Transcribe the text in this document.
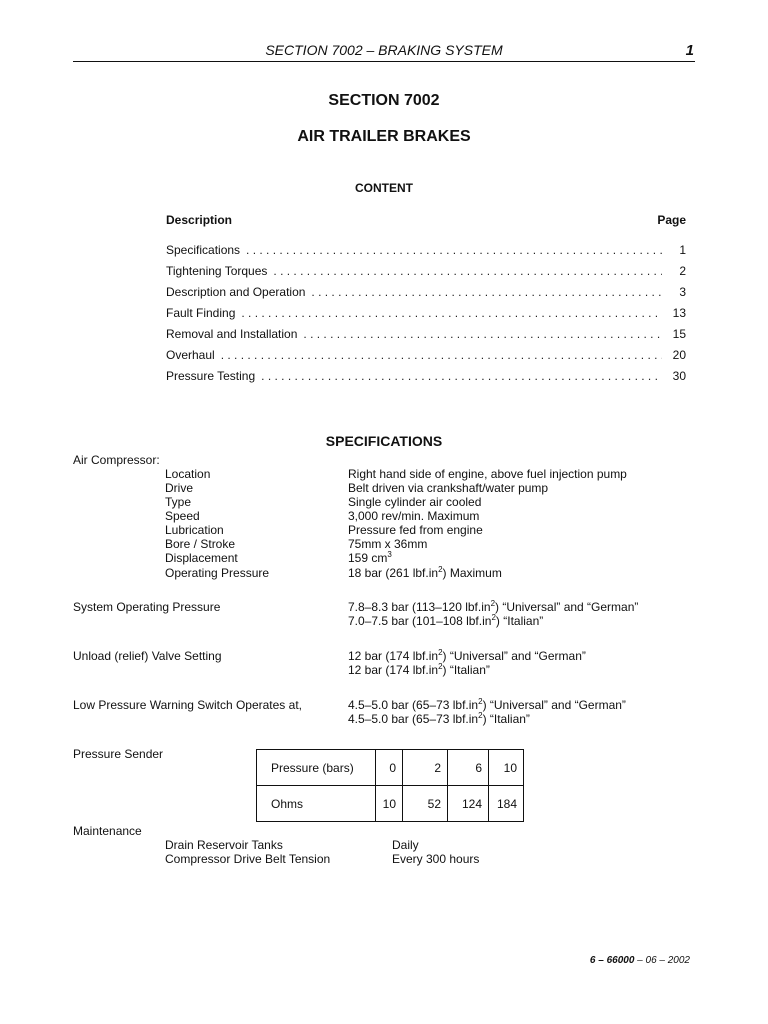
SECTION 7002 – BRAKING SYSTEM	1
SECTION 7002
AIR TRAILER BRAKES
CONTENT
Description	Page
Specifications . . .	1
Tightening Torques . . .	2
Description and Operation . . .	3
Fault Finding . . .	13
Removal and Installation . . .	15
Overhaul . . .	20
Pressure Testing . . .	30
SPECIFICATIONS
Air Compressor:
Location	Right hand side of engine, above fuel injection pump
Drive	Belt driven via crankshaft/water pump
Type	Single cylinder air cooled
Speed	3,000 rev/min. Maximum
Lubrication	Pressure fed from engine
Bore / Stroke	75mm x 36mm
Displacement	159 $cm^3$
Operating Pressure	18 bar (261 $lbf.in^2$) Maximum
System Operating Pressure	7.8–8.3 bar (113–120 $lbf.in^2$) “Universal” and “German”
7.0–7.5 bar (101–108 $lbf.in^2$) “Italian”
Unload (relief) Valve Setting	12 bar (174 $lbf.in^2$) “Universal” and “German”
12 bar (174 $lbf.in^2$) “Italian”
Low Pressure Warning Switch Operates at,	4.5–5.0 bar (65–73 $lbf.in^2$) “Universal” and “German”
4.5–5.0 bar (65–73 $lbf.in^2$) “Italian”
Pressure Sender
Pressure (bars)	0	2	6	10
Ohms	10	52	124	184
Maintenance
Drain Reservoir Tanks	Daily
Compressor Drive Belt Tension	Every 300 hours
6 – 66000 – 06 – 2002
